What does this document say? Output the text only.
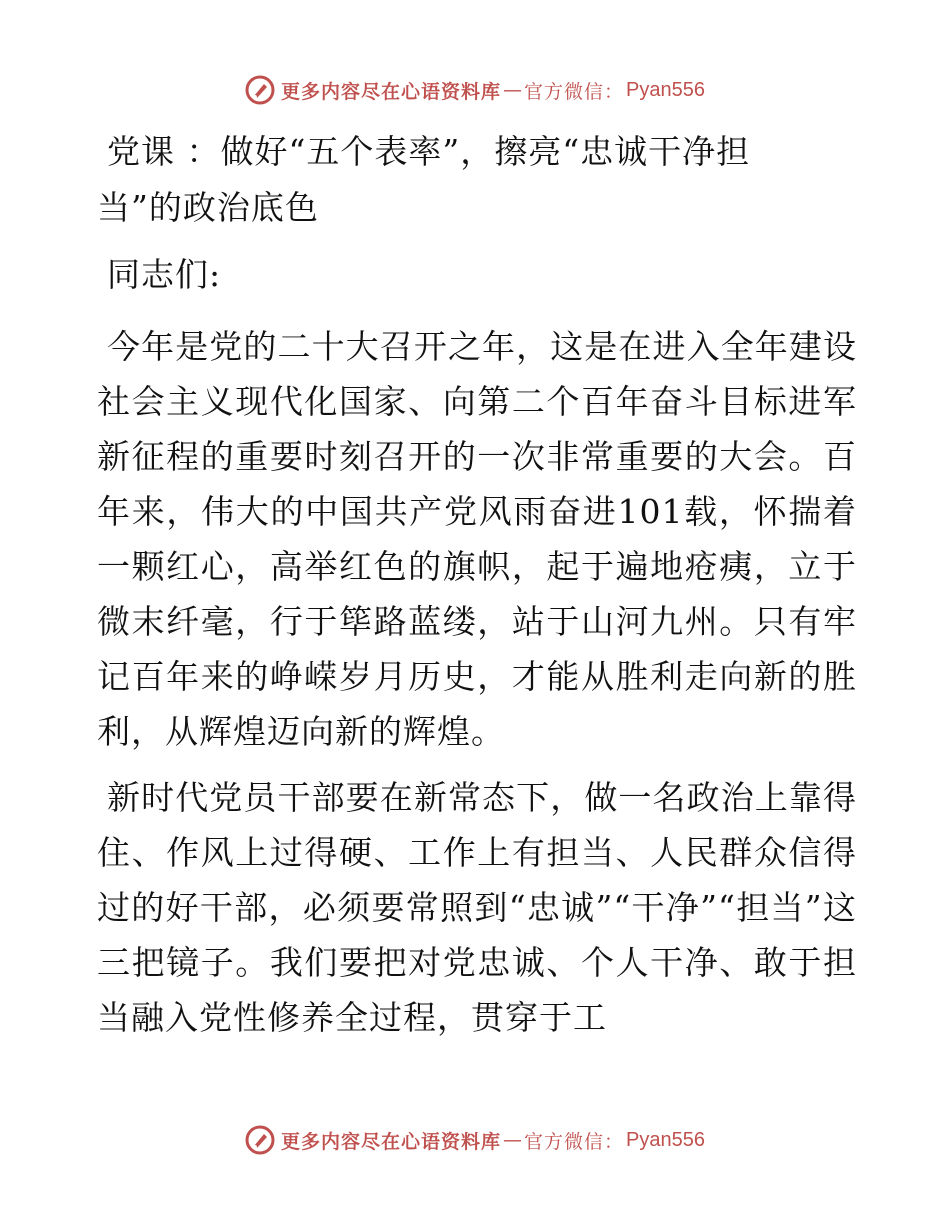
更多内容尽在心语资料库 — 官方微信： Pyan556
党课 ：做好“五个表率”，擦亮“忠诚干净担当”的政治底色

同志们:

今年是党的二十大召开之年，这是在进入全年建设社会主义现代化国家、向第二个百年奋斗目标进军新征程的重要时刻召开的一次非常重要的大会。百年来，伟大的中国共产党风雨奋进101载，怀揣着一颗红心，高举红色的旗帜，起于遍地疮痍，立于微末纤毫，行于筚路蓝缕，站于山河九州。只有牢记百年来的峥嵘岁月历史，才能从胜利走向新的胜利，从辉煌迈向新的辉煌。

新时代党员干部要在新常态下，做一名政治上靠得住、作风上过得硬、工作上有担当、人民群众信得过的好干部，必须要常照到“忠诚”“干净”“担当”这三把镜子。我们要把对党忠诚、个人干净、敢于担当融入党性修养全过程，贯穿于工

更多内容尽在心语资料库 — 官方微信： Pyan556
